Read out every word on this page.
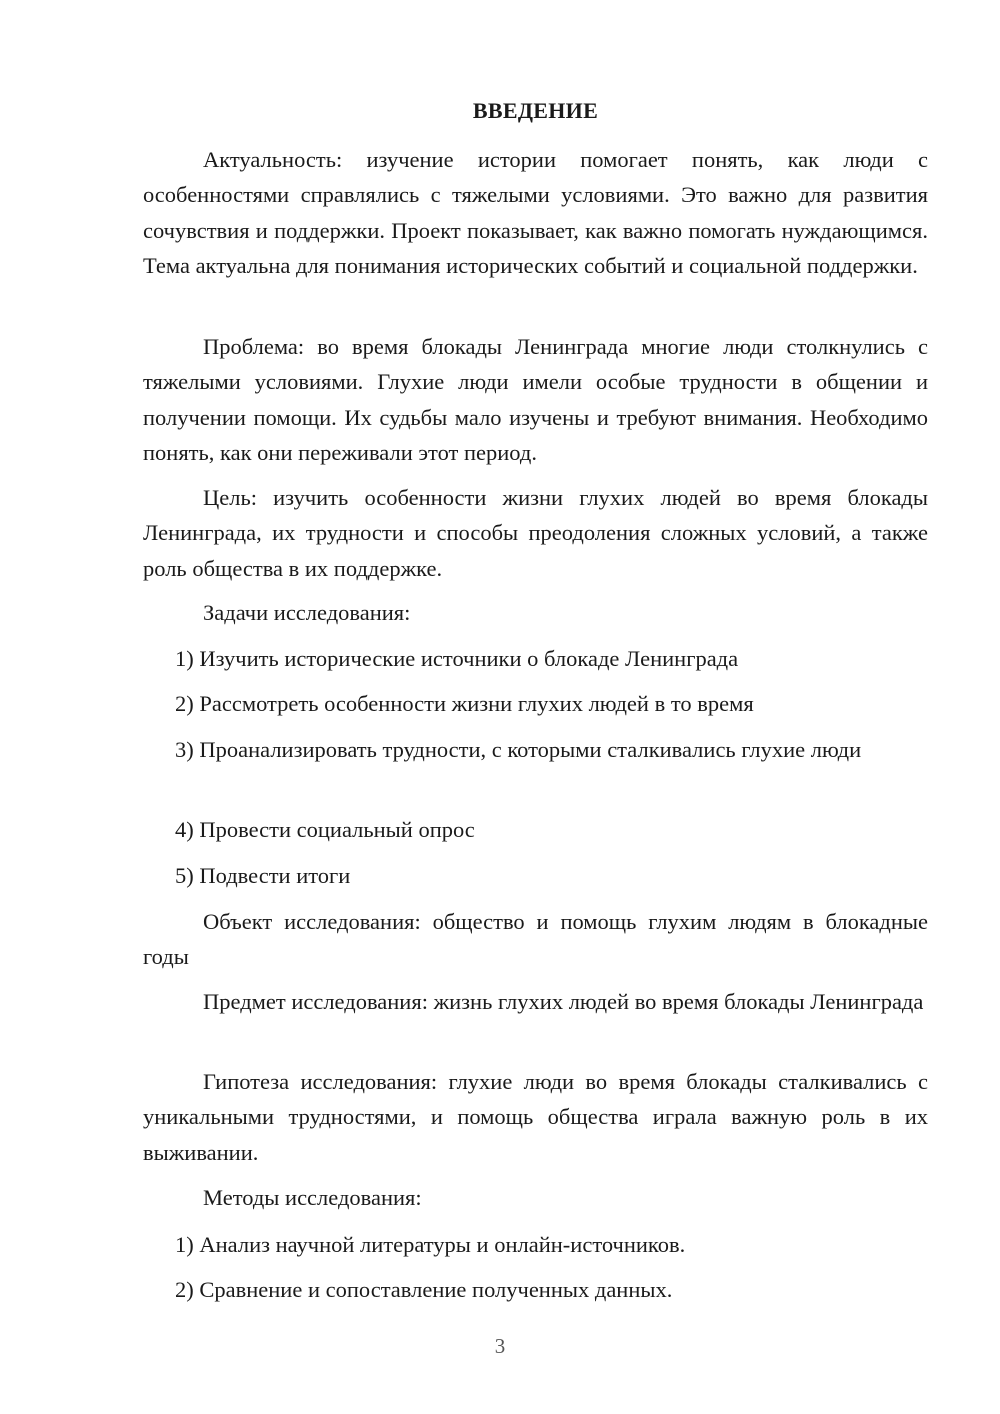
ВВЕДЕНИЕ

Актуальность: изучение истории помогает понять, как люди с особенностями справлялись с тяжелыми условиями. Это важно для развития сочувствия и поддержки. Проект показывает, как важно помогать нуждающимся. Тема актуальна для понимания исторических событий и социальной поддержки.

Проблема: во время блокады Ленинграда многие люди столкнулись с тяжелыми условиями. Глухие люди имели особые трудности в общении и получении помощи. Их судьбы мало изучены и требуют внимания. Необходимо понять, как они переживали этот период.

Цель: изучить особенности жизни глухих людей во время блокады Ленинграда, их трудности и способы преодоления сложных условий, а также роль общества в их поддержке.

Задачи исследования:

1) Изучить исторические источники о блокаде Ленинграда

2) Рассмотреть особенности жизни глухих людей в то время

3) Проанализировать трудности, с которыми сталкивались глухие люди

4) Провести социальный опрос

5) Подвести итоги

Объект исследования: общество и помощь глухим людям в блокадные годы

Предмет исследования: жизнь глухих людей во время блокады Ленинграда

Гипотеза исследования: глухие люди во время блокады сталкивались с уникальными трудностями, и помощь общества играла важную роль в их выживании.

Методы исследования:

1) Анализ научной литературы и онлайн-источников.

2) Сравнение и сопоставление полученных данных.

3
